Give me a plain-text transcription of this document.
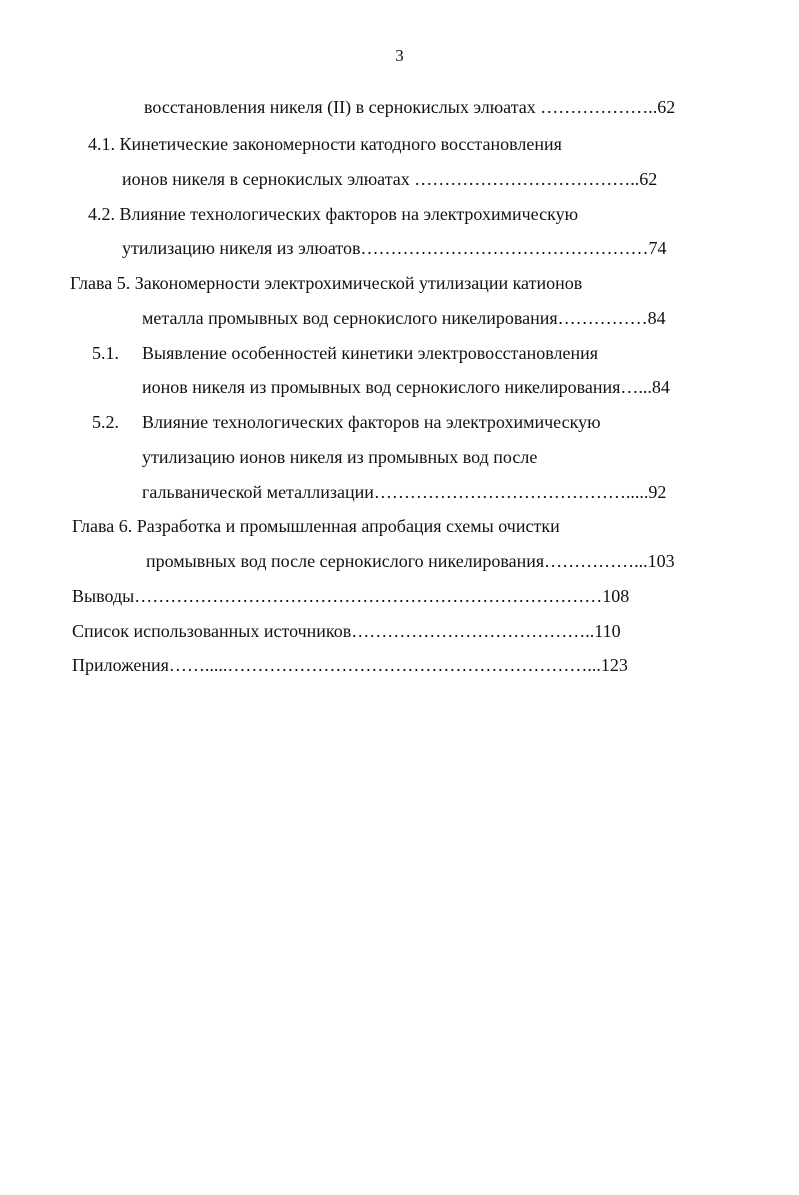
3
восстановления никеля (II) в сернокислых элюатах ………………..62
4.1. Кинетические закономерности катодного восстановления
ионов никеля в сернокислых элюатах ………………………………..62
4.2. Влияние технологических факторов на электрохимическую
утилизацию никеля из элюатов…………………………………………74
Глава 5. Закономерности электрохимической утилизации катионов
металла промывных вод сернокислого никелирования……………84
5.1. Выявление особенностей кинетики электровосстановления
ионов никеля из промывных вод сернокислого никелирования…...84
5.2. Влияние технологических факторов на электрохимическую
утилизацию ионов никеля из промывных вод после
гальванической металлизации…………………………………….....92
Глава 6. Разработка и промышленная апробация схемы очистки
промывных вод после сернокислого никелирования……………...103
Выводы……………………………………………………………………108
Список использованных источников…………………………………..110
Приложения…….....……………………………………………………...123
